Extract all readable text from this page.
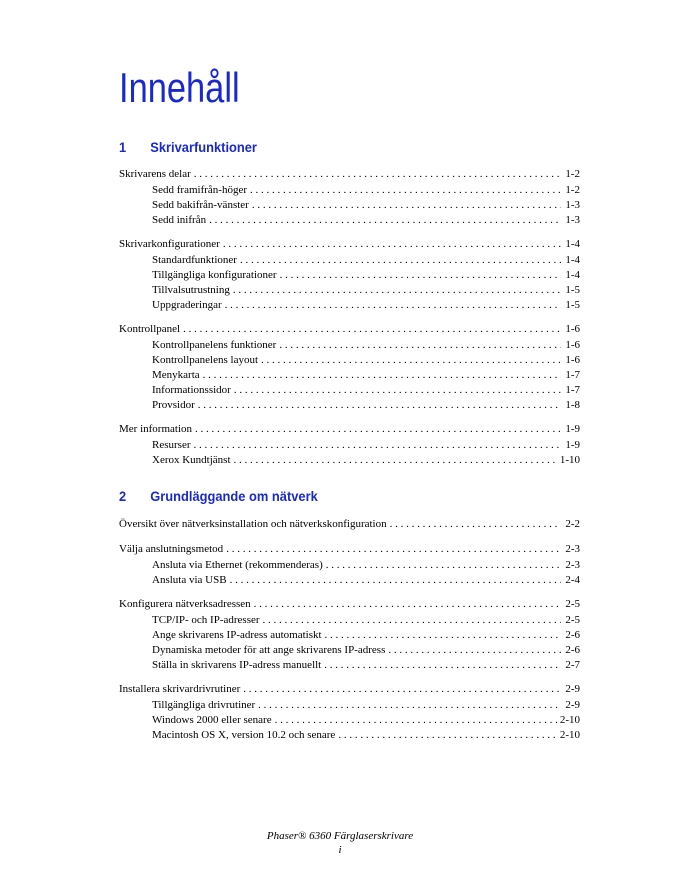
Innehåll
1 Skrivarfunktioner
Skrivarens delar . . .	1-2
Sedd framifrån-höger . . .	1-2
Sedd bakifrån-vänster . . .	1-3
Sedd inifrån . . .	1-3
Skrivarkonfigurationer . . .	1-4
Standardfunktioner . . .	1-4
Tillgängliga konfigurationer . . .	1-4
Tillvalsutrustning . . .	1-5
Uppgraderingar . . .	1-5
Kontrollpanel . . .	1-6
Kontrollpanelens funktioner . . .	1-6
Kontrollpanelens layout . . .	1-6
Menykarta . . .	1-7
Informationssidor . . .	1-7
Provsidor . . .	1-8
Mer information . . .	1-9
Resurser . . .	1-9
Xerox Kundtjänst . . .	1-10
2 Grundläggande om nätverk
Översikt över nätverksinstallation och nätverkskonfiguration . . .	2-2
Välja anslutningsmetod . . .	2-3
Ansluta via Ethernet (rekommenderas) . . .	2-3
Ansluta via USB . . .	2-4
Konfigurera nätverksadressen . . .	2-5
TCP/IP- och IP-adresser . . .	2-5
Ange skrivarens IP-adress automatiskt . . .	2-6
Dynamiska metoder för att ange skrivarens IP-adress . . .	2-6
Ställa in skrivarens IP-adress manuellt . . .	2-7
Installera skrivardrivrutiner . . .	2-9
Tillgängliga drivrutiner . . .	2-9
Windows 2000 eller senare . . .	2-10
Macintosh OS X, version 10.2 och senare . . .	2-10
Phaser® 6360 Färglaserskrivare
i
